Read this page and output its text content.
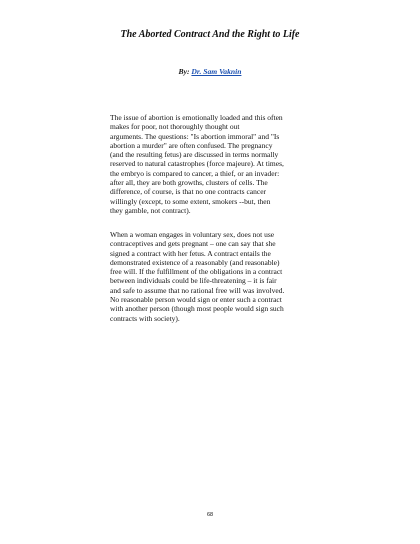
The Aborted Contract And the Right to Life

By: Dr. Sam Vaknin

The issue of abortion is emotionally loaded and this often
makes for poor, not thoroughly thought out
arguments. The questions: "Is abortion immoral" and "Is
abortion a murder" are often confused. The pregnancy
(and the resulting fetus) are discussed in terms normally
reserved to natural catastrophes (force majeure). At times,
the embryo is compared to cancer, a thief, or an invader:
after all, they are both growths, clusters of cells. The
difference, of course, is that no one contracts cancer
willingly (except, to some extent, smokers --but, then
they gamble, not contract).

When a woman engages in voluntary sex, does not use
contraceptives and gets pregnant – one can say that she
signed a contract with her fetus. A contract entails the
demonstrated existence of a reasonably (and reasonable)
free will. If the fulfillment of the obligations in a contract
between individuals could be life-threatening – it is fair
and safe to assume that no rational free will was involved.
No reasonable person would sign or enter such a contract
with another person (though most people would sign such
contracts with society).

68
